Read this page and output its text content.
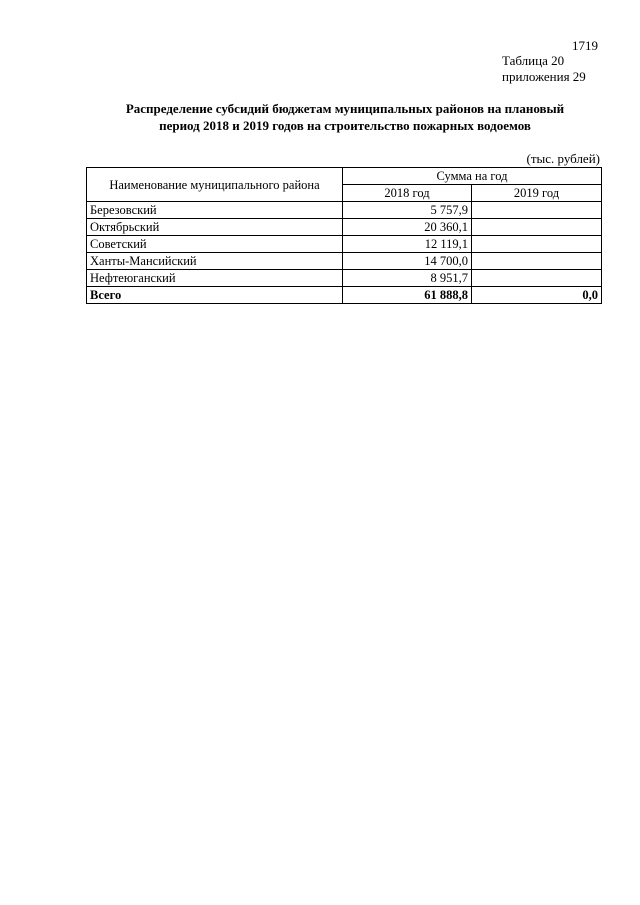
1719
Таблица 20
приложения 29
Распределение субсидий бюджетам муниципальных районов на плановый
период 2018 и 2019 годов на строительство пожарных водоемов
(тыс. рублей)
Наименование муниципального района	Сумма на год	
	2018 год	2019 год
Березовский	5 757,9	
Октябрьский	20 360,1	
Советский	12 119,1	
Ханты-Мансийский	14 700,0	
Нефтеюганский	8 951,7	
Всего	61 888,8	0,0
